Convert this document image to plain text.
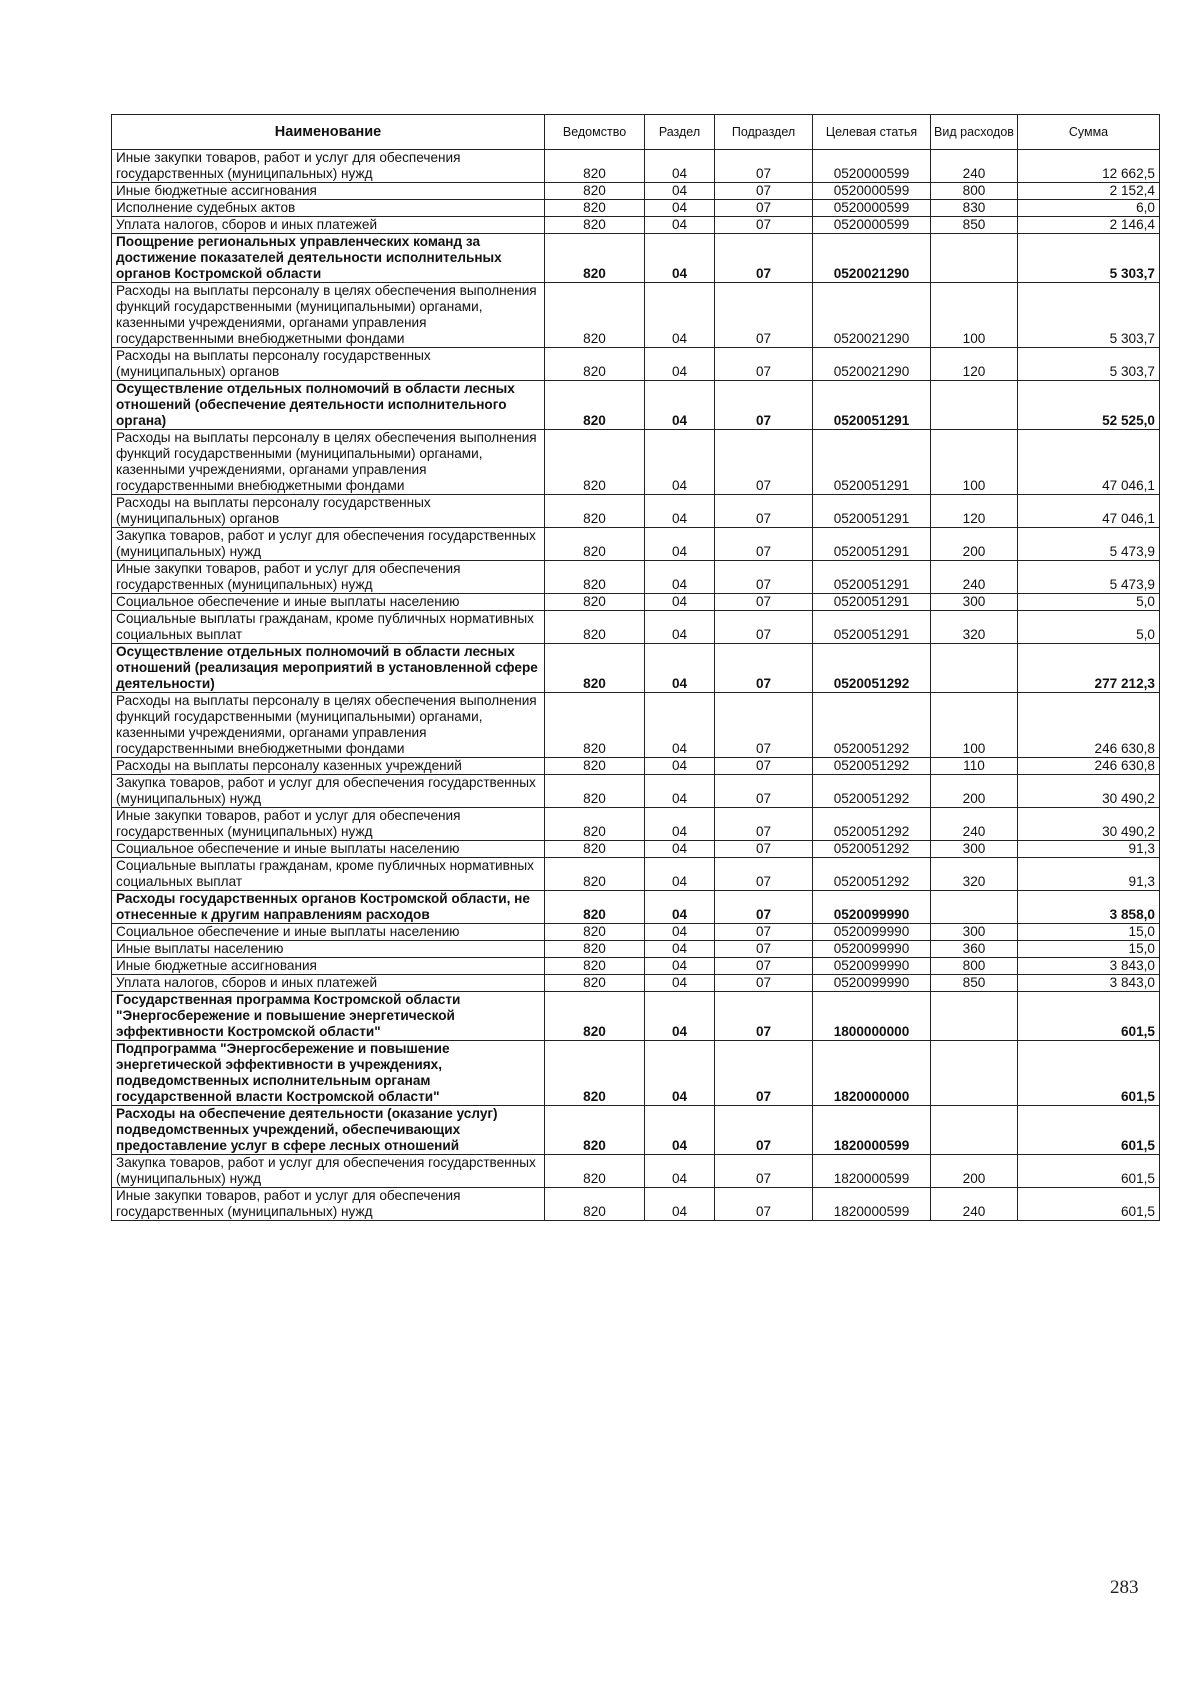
Наименование	Ведомство	Раздел	Подраздел	Целевая статья	Вид расходов	Сумма
Иные закупки товаров, работ и услуг для обеспечения государственных (муниципальных) нужд	820	04	07	0520000599	240	12 662,5
Иные бюджетные ассигнования	820	04	07	0520000599	800	2 152,4
Исполнение судебных актов	820	04	07	0520000599	830	6,0
Уплата налогов, сборов и иных платежей	820	04	07	0520000599	850	2 146,4
Поощрение региональных управленческих команд за достижение показателей деятельности исполнительных органов Костромской области	820	04	07	0520021290		5 303,7
Расходы на выплаты персоналу в целях обеспечения выполнения функций государственными (муниципальными) органами, казенными учреждениями, органами управления государственными внебюджетными фондами	820	04	07	0520021290	100	5 303,7
Расходы на выплаты персоналу государственных (муниципальных) органов	820	04	07	0520021290	120	5 303,7
Осуществление отдельных полномочий в области лесных отношений (обеспечение деятельности исполнительного органа)	820	04	07	0520051291		52 525,0
Расходы на выплаты персоналу в целях обеспечения выполнения функций государственными (муниципальными) органами, казенными учреждениями, органами управления государственными внебюджетными фондами	820	04	07	0520051291	100	47 046,1
Расходы на выплаты персоналу государственных (муниципальных) органов	820	04	07	0520051291	120	47 046,1
Закупка товаров, работ и услуг для обеспечения государственных (муниципальных) нужд	820	04	07	0520051291	200	5 473,9
Иные закупки товаров, работ и услуг для обеспечения государственных (муниципальных) нужд	820	04	07	0520051291	240	5 473,9
Социальное обеспечение и иные выплаты населению	820	04	07	0520051291	300	5,0
Социальные выплаты гражданам, кроме публичных нормативных социальных выплат	820	04	07	0520051291	320	5,0
Осуществление отдельных полномочий в области лесных отношений (реализация мероприятий в установленной сфере деятельности)	820	04	07	0520051292		277 212,3
Расходы на выплаты персоналу в целях обеспечения выполнения функций государственными (муниципальными) органами, казенными учреждениями, органами управления государственными внебюджетными фондами	820	04	07	0520051292	100	246 630,8
Расходы на выплаты персоналу казенных учреждений	820	04	07	0520051292	110	246 630,8
Закупка товаров, работ и услуг для обеспечения государственных (муниципальных) нужд	820	04	07	0520051292	200	30 490,2
Иные закупки товаров, работ и услуг для обеспечения государственных (муниципальных) нужд	820	04	07	0520051292	240	30 490,2
Социальное обеспечение и иные выплаты населению	820	04	07	0520051292	300	91,3
Социальные выплаты гражданам, кроме публичных нормативных социальных выплат	820	04	07	0520051292	320	91,3
Расходы государственных органов Костромской области, не отнесенные к другим направлениям расходов	820	04	07	0520099990		3 858,0
Социальное обеспечение и иные выплаты населению	820	04	07	0520099990	300	15,0
Иные выплаты населению	820	04	07	0520099990	360	15,0
Иные бюджетные ассигнования	820	04	07	0520099990	800	3 843,0
Уплата налогов, сборов и иных платежей	820	04	07	0520099990	850	3 843,0
Государственная программа Костромской области "Энергосбережение и повышение энергетической эффективности Костромской области"	820	04	07	1800000000		601,5
Подпрограмма "Энергосбережение и повышение энергетической эффективности в учреждениях, подведомственных исполнительным органам государственной власти Костромской области"	820	04	07	1820000000		601,5
Расходы на обеспечение деятельности (оказание услуг) подведомственных учреждений, обеспечивающих предоставление услуг в сфере лесных отношений	820	04	07	1820000599		601,5
Закупка товаров, работ и услуг для обеспечения государственных (муниципальных) нужд	820	04	07	1820000599	200	601,5
Иные закупки товаров, работ и услуг для обеспечения государственных (муниципальных) нужд	820	04	07	1820000599	240	601,5
283
